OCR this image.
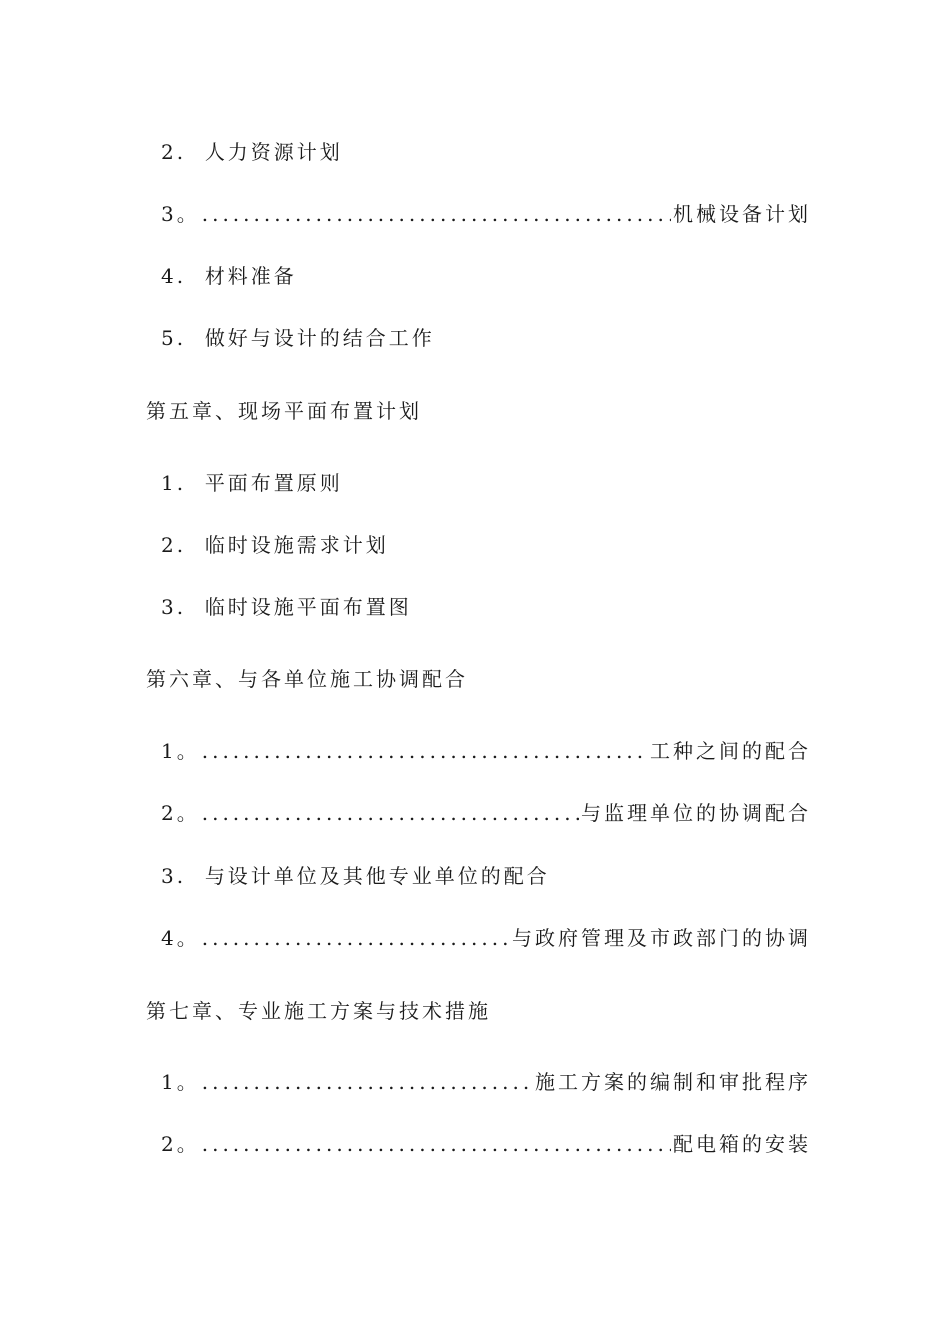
2. 人力资源计划
3。 .....	机械设备计划
4. 材料准备
5. 做好与设计的结合工作
第五章、现场平面布置计划
1. 平面布置原则
2. 临时设施需求计划
3. 临时设施平面布置图
第六章、与各单位施工协调配合
1。 .....	工种之间的配合
2。 .....	与监理单位的协调配合
3. 与设计单位及其他专业单位的配合
4。 .....	与政府管理及市政部门的协调
第七章、专业施工方案与技术措施
1。 .....	施工方案的编制和审批程序
2。 .....	配电箱的安装
